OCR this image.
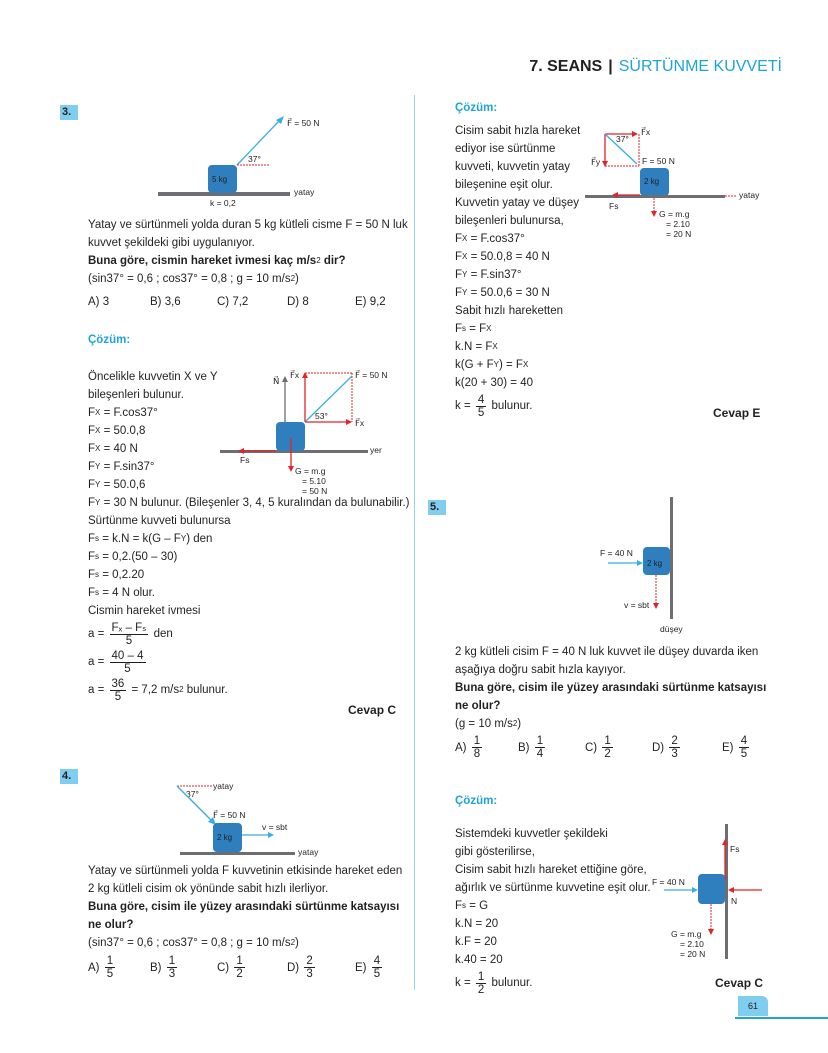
7. SEANS | SÜRTÜNME KUVVETİ
3.
5 kg
F⃗ = 50 N
37°
yatay
k = 0,2
Yatay ve sürtünmeli yolda duran 5 kg kütleli cisme F = 50 N luk
kuvvet şekildeki gibi uygulanıyor.
Buna göre, cismin hareket ivmesi kaç m/s 2 dir?
(sin37° = 0,6 ; cos37° = 0,8 ; g = 10 m/s 2 )
A) 3	B) 3,6	C) 7,2	D) 8	E) 9,2
Çözüm:
Öncelikle kuvvetin X ve Y
bileşenleri bulunur.
F X = F.cos37°
F X = 50.0,8
F X = 40 N
F Y = F.sin37°
F Y = 50.0,6
F Y = 30 N bulunur. (Bileşenler 3, 4, 5 kuralından da bulunabilir.)
Sürtünme kuvveti bulunursa
F s = k.N = k(G – F Y ) den
F s = 0,2.(50 – 30)
F s = 0,2.20
F s = 4 N olur.
Cismin hareket ivmesi
$a = \frac{\text{Fₓ – Fₛ}}{5}$ den
$a = \frac{40 - 4}{5}$
$a = \frac{36}{5} = 7,2$ m/s 2 bulunur.
N⃗
F⃗x	F⃗ = 50 N
F⃗x
53°
Fs
yer
G = m.g
= 5.10
= 50 N
Cevap C
4.
yatay
37°
F⃗ = 50 N
2 kg
v = sbt
yatay
Yatay ve sürtünmeli yolda F kuvvetinin etkisinde hareket eden
2 kg kütleli cisim ok yönünde sabit hızlı ilerliyor.
Buna göre, cisim ile yüzey arasındaki sürtünme katsayısı
ne olur?
(sin37° = 0,6 ; cos37° = 0,8 ; g = 10 m/s 2 )
$A) \frac{1}{5}$	$B) \frac{1}{3}$	$C) \frac{1}{2}$	$D) \frac{2}{3}$	$E) \frac{4}{5}$
Çözüm:
Cisim sabit hızla hareket
ediyor ise sürtünme
kuvveti, kuvvetin yatay
bileşenine eşit olur.
Kuvvetin yatay ve düşey
bileşenleri bulunursa,
F X = F.cos37°
F X = 50.0,8 = 40 N
F Y = F.sin37°
F Y = 50.0,6 = 30 N
Sabit hızlı hareketten
F s = F X
k.N = F X
k(G + F Y ) = F X
k(20 + 30) = 40
$k = \frac{4}{5}$ bulunur.
F⃗x
37°
F⃗y	F = 50 N
2 kg
yatay
Fs
G = m.g
= 2.10
= 20 N
Cevap E
5.
2 kg
F = 40 N
v = sbt
düşey
2 kg kütleli cisim F = 40 N luk kuvvet ile düşey duvarda iken
aşağıya doğru sabit hızla kayıyor.
Buna göre, cisim ile yüzey arasındaki sürtünme katsayısı
ne olur?
(g = 10 m/s 2 )
$A) \frac{1}{8}$	$B) \frac{1}{4}$	$C) \frac{1}{2}$	$D) \frac{2}{3}$	$E) \frac{4}{5}$
Çözüm:
Sistemdeki kuvvetler şekildeki
gibi gösterilirse,
Cisim sabit hızlı hareket ettiğine göre,
ağırlık ve sürtünme kuvvetine eşit olur.
F s = G
k.N = 20
k.F = 20
k.40 = 20
$k = \frac{1}{2}$ bulunur.
Fs
F = 40 N
N
G = m.g
= 2.10
= 20 N
Cevap C
61
